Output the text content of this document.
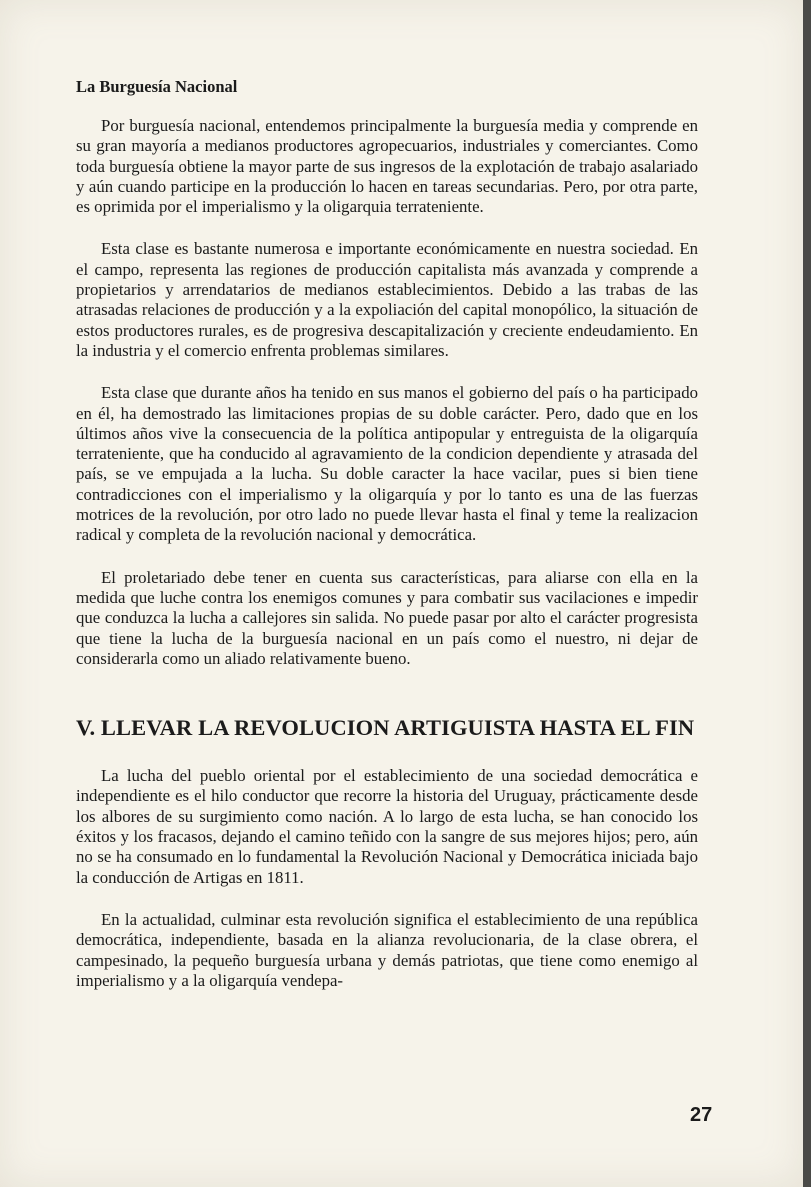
La Burguesía Nacional

Por burguesía nacional, entendemos principalmente la burguesía media y comprende en su gran mayoría a medianos productores agropecuarios, industriales y comerciantes. Como toda burguesía obtiene la mayor parte de sus ingresos de la explotación de trabajo asalariado y aún cuando participe en la producción lo hacen en tareas secundarias. Pero, por otra parte, es oprimida por el imperialismo y la oligarquia terrateniente.

Esta clase es bastante numerosa e importante económicamente en nuestra sociedad. En el campo, representa las regiones de producción capitalista más avanzada y comprende a propietarios y arrendatarios de medianos establecimientos. Debido a las trabas de las atrasadas relaciones de producción y a la expoliación del capital monopólico, la situación de estos productores rurales, es de progresiva descapitalización y creciente endeudamiento. En la industria y el comercio enfrenta problemas similares.

Esta clase que durante años ha tenido en sus manos el gobierno del país o ha participado en él, ha demostrado las limitaciones propias de su doble carácter. Pero, dado que en los últimos años vive la consecuencia de la política antipopular y entreguista de la oligarquía terrateniente, que ha conducido al agravamiento de la condicion dependiente y atrasada del país, se ve empujada a la lucha. Su doble caracter la hace vacilar, pues si bien tiene contradicciones con el imperialismo y la oligarquía y por lo tanto es una de las fuerzas motrices de la revolución, por otro lado no puede llevar hasta el final y teme la realizacion radical y completa de la revolución nacional y democrática.

El proletariado debe tener en cuenta sus características, para aliarse con ella en la medida que luche contra los enemigos comunes y para combatir sus vacilaciones e impedir que conduzca la lucha a callejores sin salida. No puede pasar por alto el carácter progresista que tiene la lucha de la burguesía nacional en un país como el nuestro, ni dejar de considerarla como un aliado relativamente bueno.

V. LLEVAR LA REVOLUCION ARTIGUISTA HASTA EL FIN

La lucha del pueblo oriental por el establecimiento de una sociedad democrática e independiente es el hilo conductor que recorre la historia del Uruguay, prácticamente desde los albores de su surgimiento como nación. A lo largo de esta lucha, se han conocido los éxitos y los fracasos, dejando el camino teñido con la sangre de sus mejores hijos; pero, aún no se ha consumado en lo fundamental la Revolución Nacional y Democrática iniciada bajo la conducción de Artigas en 1811.

En la actualidad, culminar esta revolución significa el establecimiento de una república democrática, independiente, basada en la alianza revolucionaria, de la clase obrera, el campesinado, la pequeño burguesía urbana y demás patriotas, que tiene como enemigo al imperialismo y a la oligarquía vendepa-

27
